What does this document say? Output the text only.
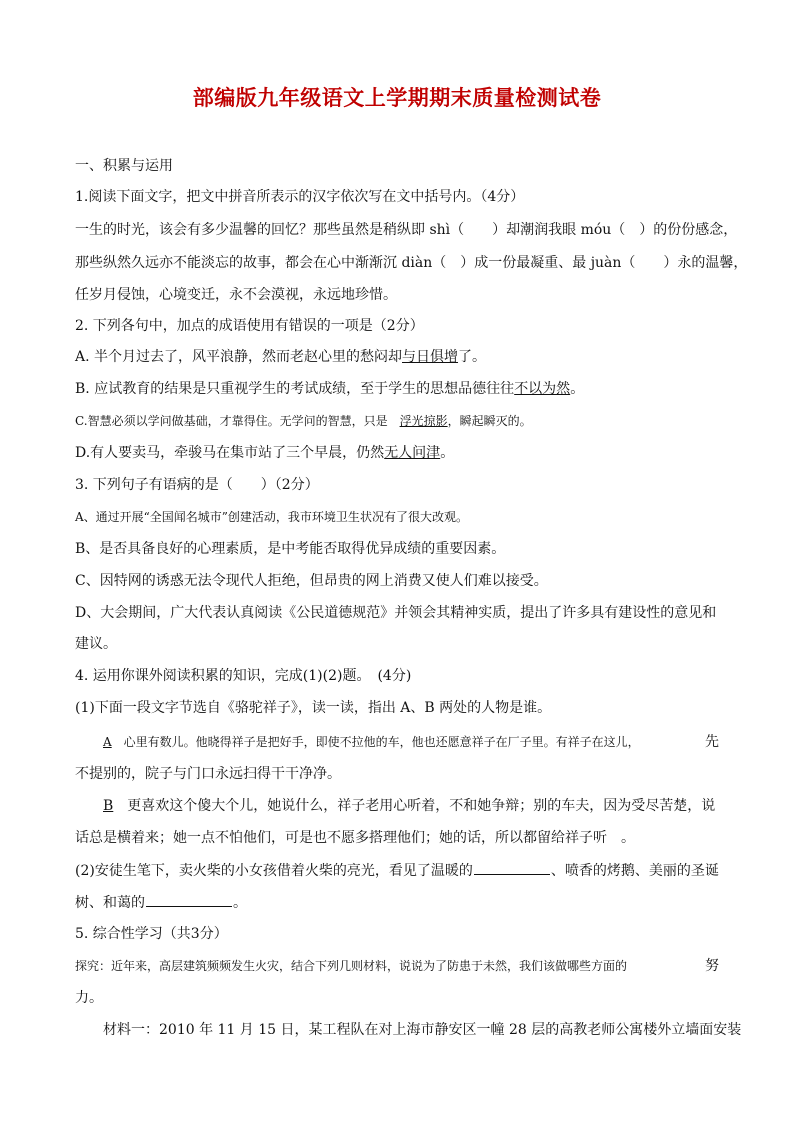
部编版九年级语文上学期期末质量检测试卷
一、积累与运用
1.阅读下面文字，把文中拼音所表示的汉字依次写在文中括号内。（4分）
一生的时光，该会有多少温馨的回忆？那些虽然是稍纵即 shì（　　）却潮润我眼 móu（　）的份份感念，
那些纵然久远亦不能淡忘的故事，都会在心中渐渐沉 diàn（　）成一份最凝重、最 juàn（　　）永的温馨，
任岁月侵蚀，心境变迁，永不会漠视，永远地珍惜。
2. 下列各句中，加点的成语使用有错误的一项是（2分）
A. 半个月过去了，风平浪静，然而老赵心里的愁闷却与日俱增了。
B. 应试教育的结果是只重视学生的考试成绩，至于学生的思想品德往往不以为然。
C.智慧必须以学问做基础，才靠得住。无学问的智慧，只是　浮光掠影，瞬起瞬灭的。
D.有人要卖马，牵骏马在集市站了三个早晨，仍然无人问津。
3. 下列句子有语病的是（　　）（2分）
A、通过开展“全国闻名城市”创建活动，我市环境卫生状况有了很大改观。
B、是否具备良好的心理素质，是中考能否取得优异成绩的重要因素。
C、因特网的诱惑无法令现代人拒绝，但昂贵的网上消费又使人们难以接受。
D、大会期间，广大代表认真阅读《公民道德规范》并领会其精神实质，提出了许多具有建设性的意见和
建议。
4. 运用你课外阅读积累的知识，完成(1)(2)题。　(4分)
(1)下面一段文字节选自《骆驼祥子》，读一读，指出 A、B 两处的人物是谁。
A　心里有数儿。他晓得祥子是把好手，即使不拉他的车，他也还愿意祥子在厂子里。有祥子在这儿，	先
不提别的，院子与门口永远扫得干干净净。
B　更喜欢这个傻大个儿，她说什么，祥子老用心听着，不和她争辩；别的车夫，因为受尽苦楚，说
话总是横着来；她一点不怕他们，可是也不愿多搭理他们；她的话，所以都留给祥子听　。
(2)安徒生笔下，卖火柴的小女孩借着火柴的亮光，看见了温暖的	、喷香的烤鹅、美丽的圣诞
树、和蔼的	。
5. 综合性学习（共3分）
探究：近年来，高层建筑频频发生火灾，结合下列几则材料，说说为了防患于未然，我们该做哪些方面的	努
力。
材料一：2010 年 11 月 15 日，某工程队在对上海市静安区一幢 28 层的高教老师公寓楼外立墙面安装
